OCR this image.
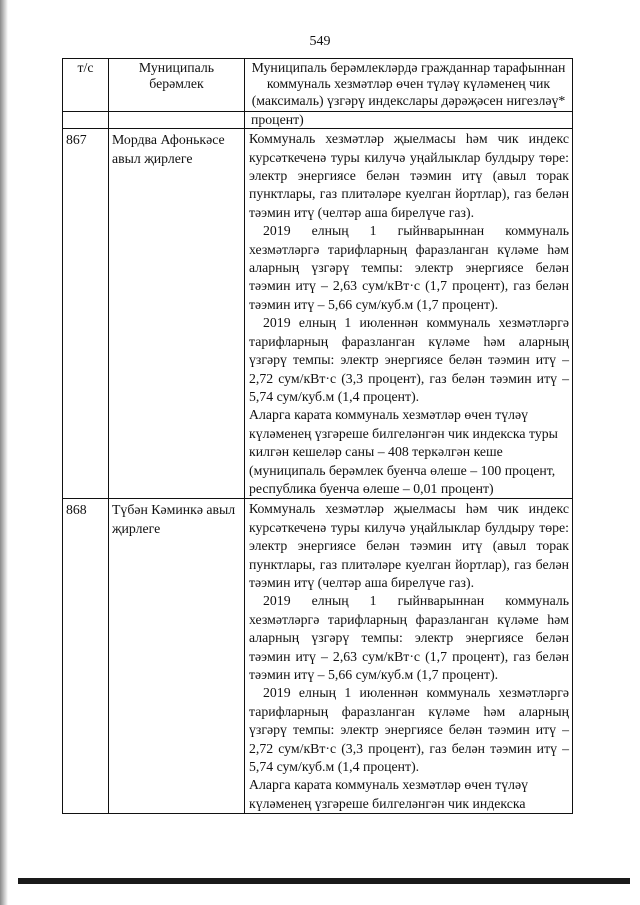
549
т/с	Муниципаль берәмлек	Муниципаль берәмлекләрдә гражданнар тарафыннан коммуналь хезмәтләр өчен түләү күләменең чик (максималь) үзгәрү индекслары дәрәҗәсен нигезләү*
		процент)
867	Мордва Афонькәсе авыл җирлеге	Коммуналь хезмәтләр җыелмасы һәм чик индекс курсәткеченә туры килучә уңайлыклар булдыру төре: электр энергиясе белән тәэмин итү (авыл торак пунктлары, газ плитәләре куелган йортлар), газ белән тәэмин итү (челтәр аша бирелүче газ).

2019 елның 1 гыйнварыннан коммуналь хезмәтләргә тарифларның фаразланган күләме һәм аларның үзгәрү темпы: электр энергиясе белән тәэмин итү – 2,63 сум/кВт·с (1,7 процент), газ белән тәэмин итү – 5,66 сум/куб.м (1,7 процент).

2019 елның 1 июленнән коммуналь хезмәтләргә тарифларның фаразланган күләме һәм аларның үзгәрү темпы: электр энергиясе белән тәэмин итү – 2,72 сум/кВт·с (3,3 процент), газ белән тәэмин итү – 5,74 сум/куб.м (1,4 процент).

Аларга карата коммуналь хезмәтләр өчен түләү күләменең үзгәреше билгеләнгән чик индекска туры килгән кешеләр саны – 408 теркәлгән кеше (муниципаль берәмлек буенча өлеше – 100 процент, республика буенча өлеше – 0,01 процент)

868	Түбән Кәминкә авыл җирлеге	Коммуналь хезмәтләр җыелмасы һәм чик индекс курсәткеченә туры килучә уңайлыклар булдыру төре: электр энергиясе белән тәэмин итү (авыл торак пунктлары, газ плитәләре куелган йортлар), газ белән тәэмин итү (челтәр аша бирелүче газ).

2019 елның 1 гыйнварыннан коммуналь хезмәтләргә тарифларның фаразланган күләме һәм аларның үзгәрү темпы: электр энергиясе белән тәэмин итү – 2,63 сум/кВт·с (1,7 процент), газ белән тәэмин итү – 5,66 сум/куб.м (1,7 процент).

2019 елның 1 июленнән коммуналь хезмәтләргә тарифларның фаразланган күләме һәм аларның үзгәрү темпы: электр энергиясе белән тәэмин итү – 2,72 сум/кВт·с (3,3 процент), газ белән тәэмин итү – 5,74 сум/куб.м (1,4 процент).

Аларга карата коммуналь хезмәтләр өчен түләү күләменең үзгәреше билгеләнгән чик индекска
